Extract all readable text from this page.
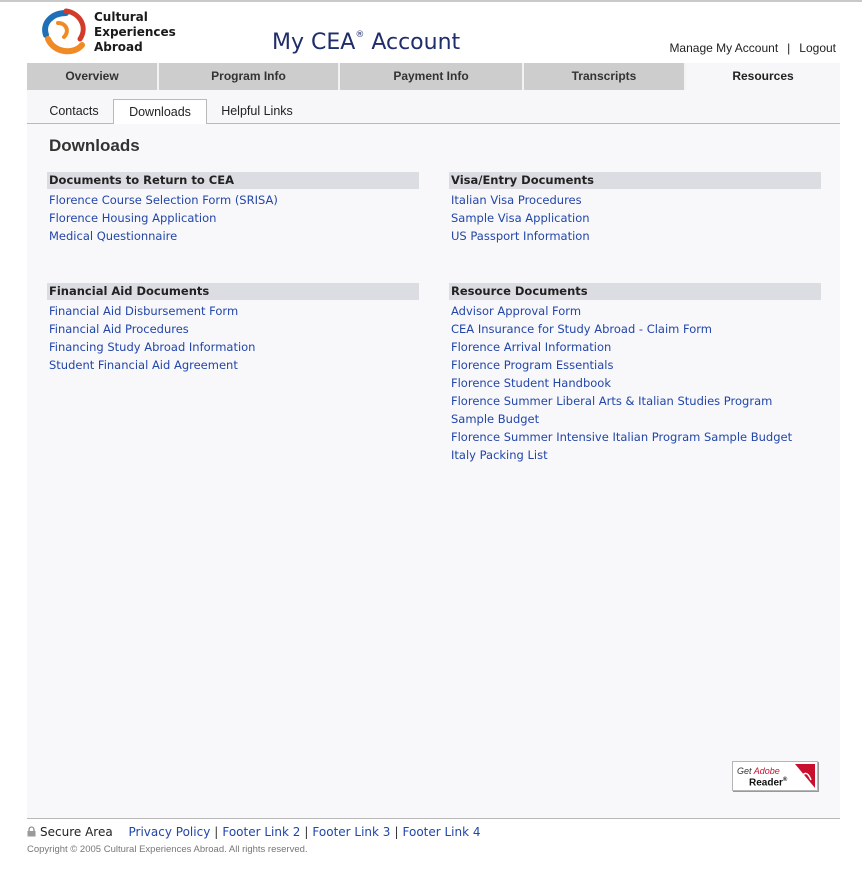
Cultural
Experiences
Abroad	My CEA® Account	Manage My Account | Logout
Overview	Program Info	Payment Info	Transcripts	Resources
Contacts	Downloads	Helpful Links
Downloads
Documents to Return to CEA
Florence Course Selection Form (SRISA)
Florence Housing Application
Medical Questionnaire
Visa/Entry Documents
Italian Visa Procedures
Sample Visa Application
US Passport Information
Financial Aid Documents
Financial Aid Disbursement Form
Financial Aid Procedures
Financing Study Abroad Information
Student Financial Aid Agreement
Resource Documents
Advisor Approval Form
CEA Insurance for Study Abroad - Claim Form
Florence Arrival Information
Florence Program Essentials
Florence Student Handbook
Florence Summer Liberal Arts & Italian Studies Program
Sample Budget
Florence Summer Intensive Italian Program Sample Budget
Italy Packing List
Get Adobe
Reader®
Secure Area Privacy Policy | Footer Link 2 | Footer Link 3 | Footer Link 4
Copyright © 2005 Cultural Experiences Abroad. All rights reserved.
